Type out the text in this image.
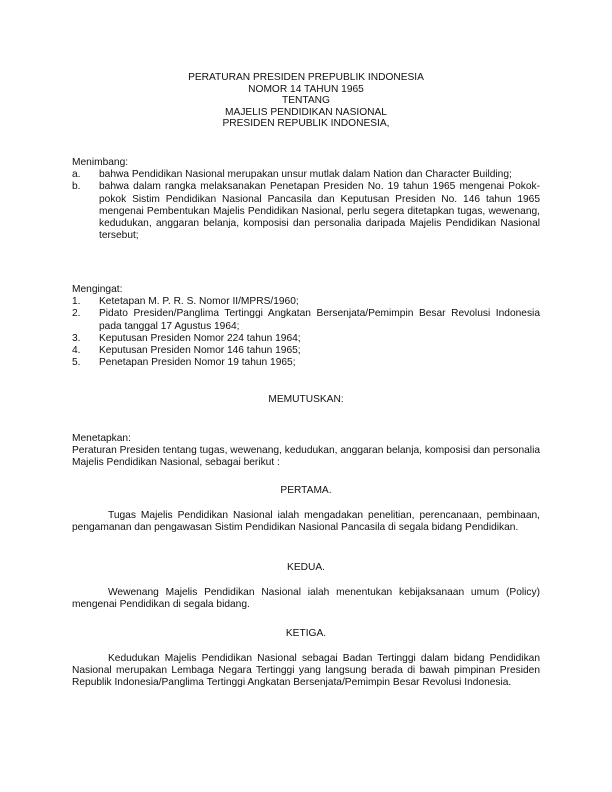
PERATURAN PRESIDEN PREPUBLIK INDONESIA
NOMOR 14 TAHUN 1965
TENTANG
MAJELIS PENDIDIKAN NASIONAL
PRESIDEN REPUBLIK INDONESIA,
Menimbang:
a.	bahwa Pendidikan Nasional merupakan unsur mutlak dalam Nation dan Character Building;
b.	bahwa dalam rangka melaksanakan Penetapan Presiden No. 19 tahun 1965 mengenai Pokok-pokok Sistim Pendidikan Nasional Pancasila dan Keputusan Presiden No. 146 tahun 1965 mengenai Pembentukan Majelis Pendidikan Nasional, perlu segera ditetapkan tugas, wewenang, kedudukan, anggaran belanja, komposisi dan personalia daripada Majelis Pendidikan Nasional tersebut;
Mengingat:
1.	Ketetapan M. P. R. S. Nomor II/MPRS/1960;
2.	Pidato Presiden/Panglima Tertinggi Angkatan Bersenjata/Pemimpin Besar Revolusi Indonesia pada tanggal 17 Agustus 1964;
3.	Keputusan Presiden Nomor 224 tahun 1964;
4.	Keputusan Presiden Nomor 146 tahun 1965;
5.	Penetapan Presiden Nomor 19 tahun 1965;
MEMUTUSKAN:
Menetapkan:
Peraturan Presiden tentang tugas, wewenang, kedudukan, anggaran belanja, komposisi dan personalia Majelis Pendidikan Nasional, sebagai berikut :
PERTAMA.
Tugas Majelis Pendidikan Nasional ialah mengadakan penelitian, perencanaan, pembinaan, pengamanan dan pengawasan Sistim Pendidikan Nasional Pancasila di segala bidang Pendidikan.
KEDUA.
Wewenang Majelis Pendidikan Nasional ialah menentukan kebijaksanaan umum (Policy) mengenai Pendidikan di segala bidang.
KETIGA.
Kedudukan Majelis Pendidikan Nasional sebagai Badan Tertinggi dalam bidang Pendidikan Nasional merupakan Lembaga Negara Tertinggi yang langsung berada di bawah pimpinan Presiden Republik Indonesia/Panglima Tertinggi Angkatan Bersenjata/Pemimpin Besar Revolusi Indonesia.
